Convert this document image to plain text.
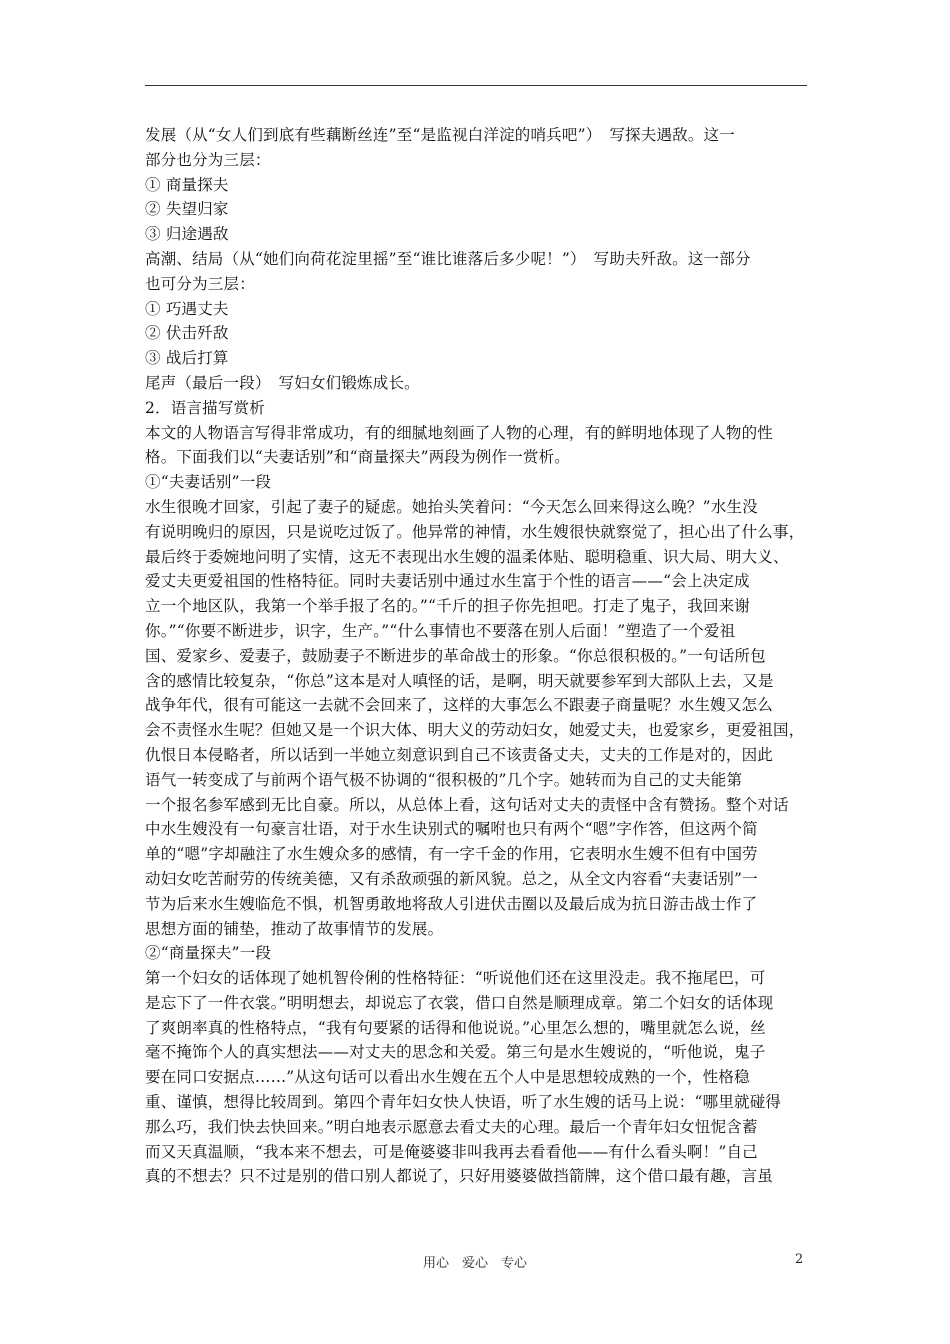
发展（从“女人们到底有些藕断丝连”至“是监视白洋淀的哨兵吧”）　写探夫遇敌。这一
部分也分为三层：
① 商量探夫
② 失望归家
③ 归途遇敌
高潮、结局（从“她们向荷花淀里摇”至“谁比谁落后多少呢！”）　写助夫歼敌。这一部分
也可分为三层：
① 巧遇丈夫
② 伏击歼敌
③ 战后打算
尾声（最后一段）　写妇女们锻炼成长。
2．语言描写赏析
本文的人物语言写得非常成功，有的细腻地刻画了人物的心理，有的鲜明地体现了人物的性
格。下面我们以“夫妻话别”和“商量探夫”两段为例作一赏析。
①“夫妻话别”一段
水生很晚才回家，引起了妻子的疑虑。她抬头笑着问：“今天怎么回来得这么晚？”水生没
有说明晚归的原因，只是说吃过饭了。他异常的神情，水生嫂很快就察觉了，担心出了什么事，
最后终于委婉地问明了实情，这无不表现出水生嫂的温柔体贴、聪明稳重、识大局、明大义、
爱丈夫更爱祖国的性格特征。同时夫妻话别中通过水生富于个性的语言——“会上决定成
立一个地区队，我第一个举手报了名的。”“千斤的担子你先担吧。打走了鬼子，我回来谢
你。”“你要不断进步，识字，生产。”“什么事情也不要落在别人后面！”塑造了一个爱祖
国、爱家乡、爱妻子，鼓励妻子不断进步的革命战士的形象。“你总很积极的。”一句话所包
含的感情比较复杂，“你总”这本是对人嗔怪的话，是啊，明天就要参军到大部队上去，又是
战争年代，很有可能这一去就不会回来了，这样的大事怎么不跟妻子商量呢？水生嫂又怎么
会不责怪水生呢？但她又是一个识大体、明大义的劳动妇女，她爱丈夫，也爱家乡，更爱祖国，
仇恨日本侵略者，所以话到一半她立刻意识到自己不该责备丈夫，丈夫的工作是对的，因此
语气一转变成了与前两个语气极不协调的“很积极的”几个字。她转而为自己的丈夫能第
一个报名参军感到无比自豪。所以，从总体上看，这句话对丈夫的责怪中含有赞扬。整个对话
中水生嫂没有一句豪言壮语，对于水生诀别式的嘱咐也只有两个“嗯”字作答，但这两个简
单的“嗯”字却融注了水生嫂众多的感情，有一字千金的作用，它表明水生嫂不但有中国劳
动妇女吃苦耐劳的传统美德，又有杀敌顽强的新风貌。总之，从全文内容看“夫妻话别”一
节为后来水生嫂临危不惧，机智勇敢地将敌人引进伏击圈以及最后成为抗日游击战士作了
思想方面的铺垫，推动了故事情节的发展。
②“商量探夫”一段
第一个妇女的话体现了她机智伶俐的性格特征：“听说他们还在这里没走。我不拖尾巴，可
是忘下了一件衣裳。”明明想去，却说忘了衣裳，借口自然是顺理成章。第二个妇女的话体现
了爽朗率真的性格特点，“我有句要紧的话得和他说说。”心里怎么想的，嘴里就怎么说，丝
毫不掩饰个人的真实想法——对丈夫的思念和关爱。第三句是水生嫂说的，“听他说，鬼子
要在同口安据点……”从这句话可以看出水生嫂在五个人中是思想较成熟的一个，性格稳
重、谨慎，想得比较周到。第四个青年妇女快人快语，听了水生嫂的话马上说：“哪里就碰得
那么巧，我们快去快回来。”明白地表示愿意去看丈夫的心理。最后一个青年妇女忸怩含蓄
而又天真温顺，“我本来不想去，可是俺婆婆非叫我再去看看他——有什么看头啊！”自己
真的不想去？只不过是别的借口别人都说了，只好用婆婆做挡箭牌，这个借口最有趣，言虽
用心　爱心　专心	2
